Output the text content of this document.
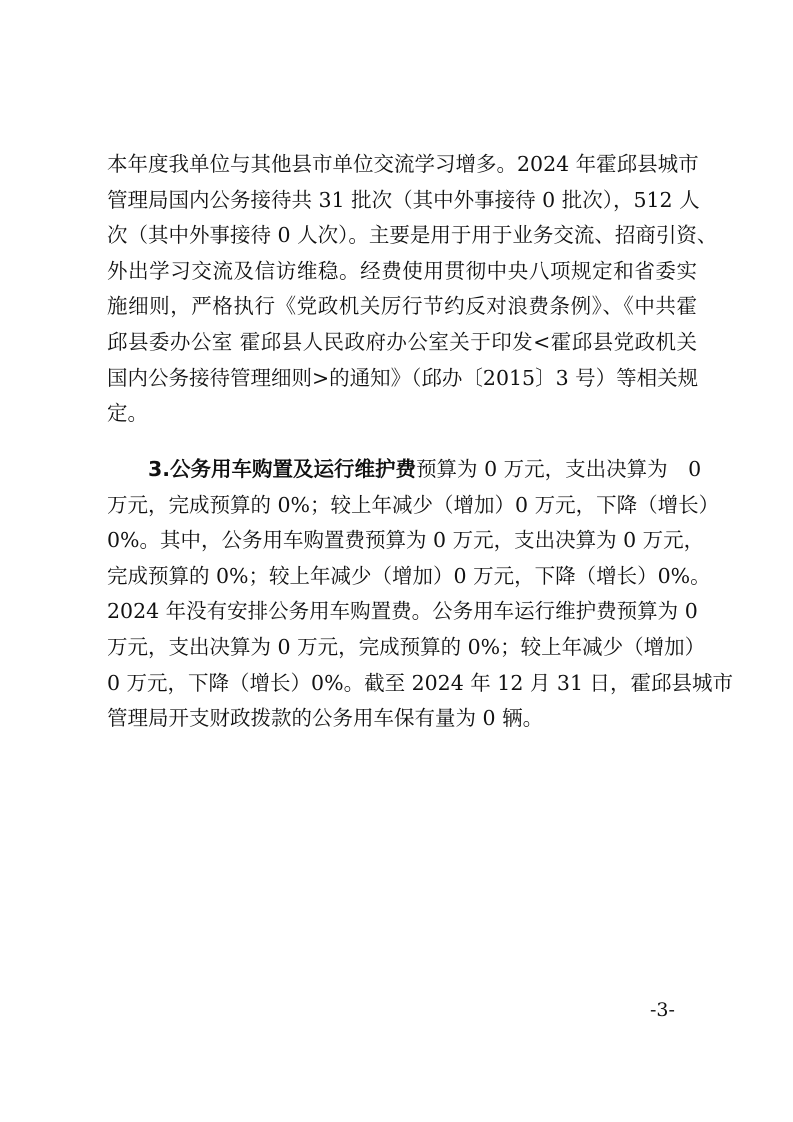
本年度我单位与其他县市单位交流学习增多。2024 年霍邱县城市
管理局国内公务接待共 31 批次（其中外事接待 0 批次），512 人
次（其中外事接待 0 人次）。主要是用于用于业务交流、招商引资、
外出学习交流及信访维稳。经费使用贯彻中央八项规定和省委实
施细则，严格执行《党政机关厉行节约反对浪费条例》、《中共霍
邱县委办公室 霍邱县人民政府办公室关于印发<霍邱县党政机关
国内公务接待管理细则>的通知》（邱办〔2015〕3 号）等相关规
定。
3.公务用车购置及运行维护费预算为 0 万元，支出决算为　0
万元，完成预算的 0%；较上年减少（增加）0 万元，下降（增长）
0%。其中，公务用车购置费预算为 0 万元，支出决算为 0 万元，
完成预算的 0%；较上年减少（增加）0 万元，下降（增长）0%。
2024 年没有安排公务用车购置费。公务用车运行维护费预算为 0
万元，支出决算为 0 万元，完成预算的 0%；较上年减少（增加）
0 万元，下降（增长）0%。截至 2024 年 12 月 31 日，霍邱县城市
管理局开支财政拨款的公务用车保有量为 0 辆。
-3-
